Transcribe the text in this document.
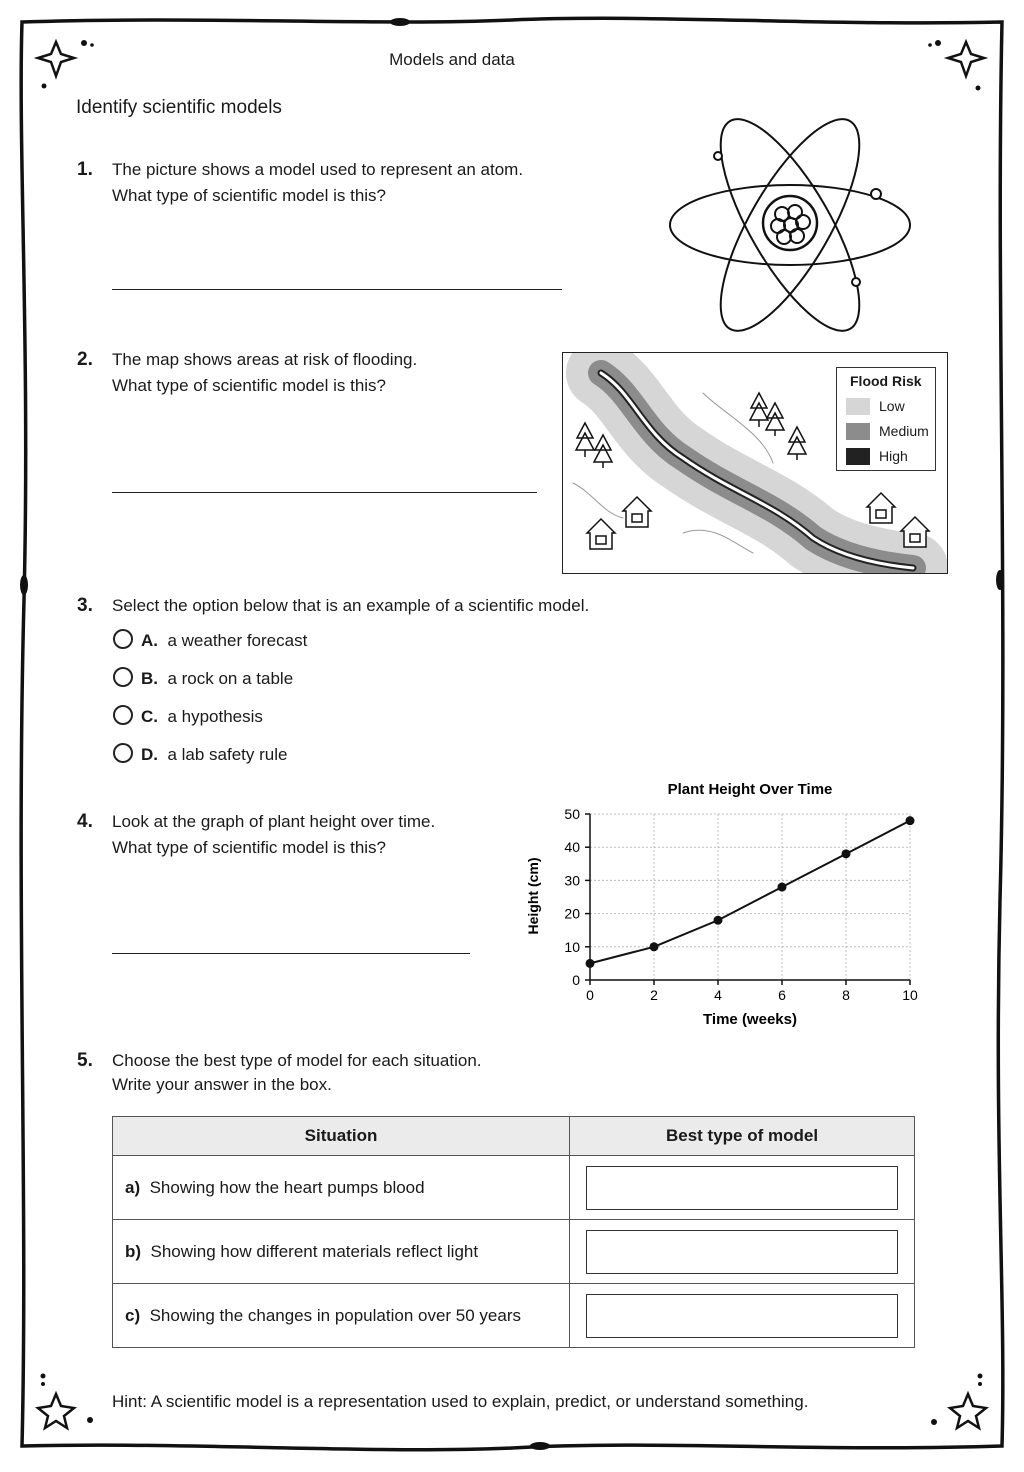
Models and data
Identify scientific models
1. The picture shows a model used to represent an atom.
What type of scientific model is this?
2. The map shows areas at risk of flooding.
What type of scientific model is this?	Flood Risk
Low
Medium
High
3. Select the option below that is an example of a scientific model.
A. a weather forecast
B. a rock on a table
C. a hypothesis
D. a lab safety rule
4. Look at the graph of plant height over time.
What type of scientific model is this?
Plant Height Over Time
Time (weeks)
Height (cm)
0
10
20
30
40
50
0	2	4	6	8	10
5. Choose the best type of model for each situation.
Write your answer in the box.
Situation	Best type of model
a) Showing how the heart pumps blood	

b) Showing how different materials reflect light	

c) Showing the changes in population over 50 years	
Hint: A scientific model is a representation used to explain, predict, or understand something.
